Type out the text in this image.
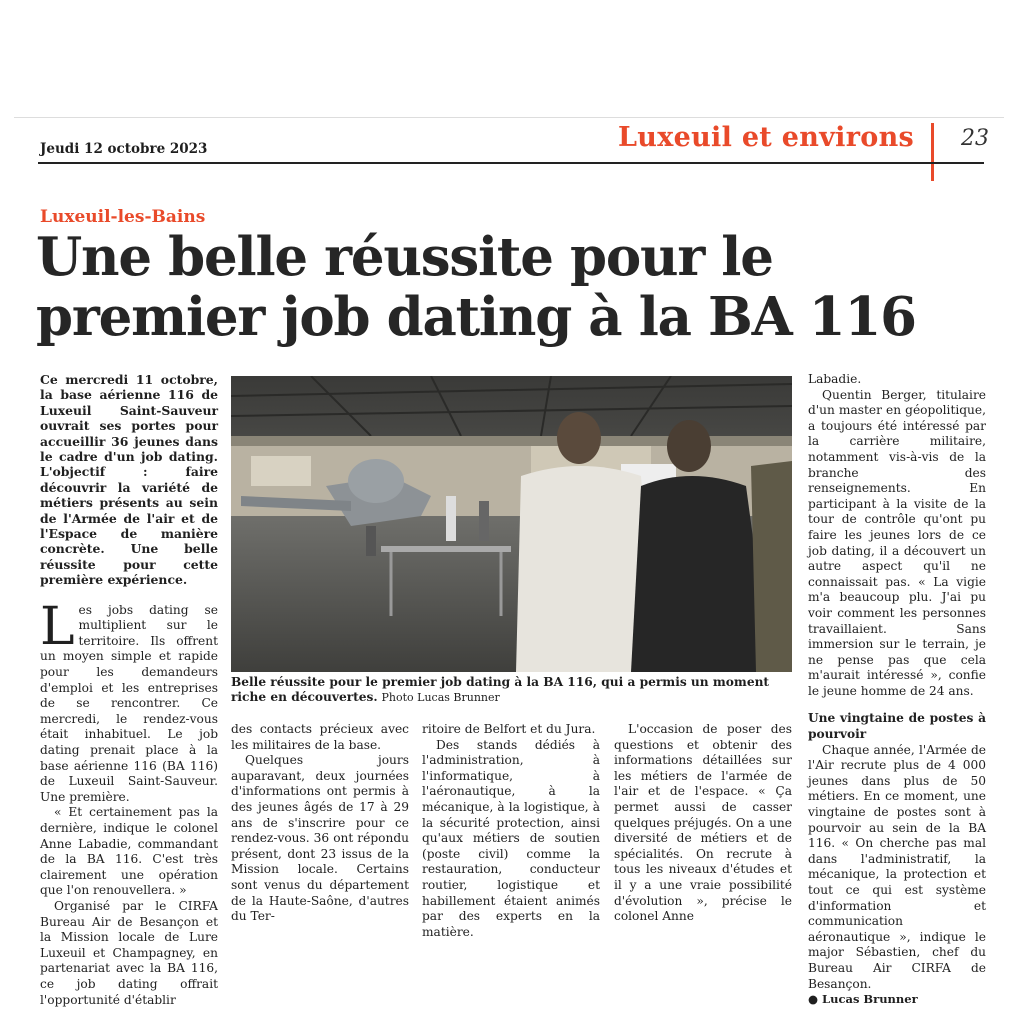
Jeudi 12 octobre 2023	Luxeuil et environs 23
Luxeuil-les-Bains
Une belle réussite pour le premier job dating à la BA 116

Ce mercredi 11 octobre, la base aérienne 116 de Luxeuil Saint-Sauveur ouvrait ses portes pour accueillir 36 jeunes dans le cadre d'un job dating. L'objectif : faire découvrir la variété de métiers présents au sein de l'Armée de l'air et de l'Espace de manière concrète. Une belle réussite pour cette première expérience.

Les jobs dating se multiplient sur le territoire. Ils offrent un moyen simple et rapide pour les demandeurs d'emploi et les entreprises de se rencontrer. Ce mercredi, le rendez-vous était inhabituel. Le job dating prenait place à la base aérienne 116 (BA 116) de Luxeuil Saint-Sauveur. Une première.

« Et certainement pas la dernière, indique le colonel Anne Labadie, commandant de la BA 116. C'est très clairement une opération que l'on renouvellera. »

Organisé par le CIRFA Bureau Air de Besançon et la Mission locale de Lure Luxeuil et Champagney, en partenariat avec la BA 116, ce job dating offrait l'opportunité d'établir

Belle réussite pour le premier job dating à la BA 116, qui a permis un moment riche en découvertes. Photo Lucas Brunner

des contacts précieux avec les militaires de la base.

Quelques jours auparavant, deux journées d'informations ont permis à des jeunes âgés de 17 à 29 ans de s'inscrire pour ce rendez-vous. 36 ont répondu présent, dont 23 issus de la Mission locale. Certains sont venus du département de la Haute-Saône, d'autres du Ter-

ritoire de Belfort et du Jura.

Des stands dédiés à l'administration, à l'informatique, à l'aéronautique, à la mécanique, à la logistique, à la sécurité protection, ainsi qu'aux métiers de soutien (poste civil) comme la restauration, conducteur routier, logistique et habillement étaient animés par des experts en la matière.

L'occasion de poser des questions et obtenir des informations détaillées sur les métiers de l'armée de l'air et de l'espace. « Ça permet aussi de casser quelques préjugés. On a une diversité de métiers et de spécialités. On recrute à tous les niveaux d'études et il y a une vraie possibilité d'évolution », précise le colonel Anne

Labadie.

Quentin Berger, titulaire d'un master en géopolitique, a toujours été intéressé par la carrière militaire, notamment vis-à-vis de la branche des renseignements. En participant à la visite de la tour de contrôle qu'ont pu faire les jeunes lors de ce job dating, il a découvert un autre aspect qu'il ne connaissait pas. « La vigie m'a beaucoup plu. J'ai pu voir comment les personnes travaillaient. Sans immersion sur le terrain, je ne pense pas que cela m'aurait intéressé », confie le jeune homme de 24 ans.

Une vingtaine de postes à pourvoir

Chaque année, l'Armée de l'Air recrute plus de 4 000 jeunes dans plus de 50 métiers. En ce moment, une vingtaine de postes sont à pourvoir au sein de la BA 116. « On cherche pas mal dans l'administratif, la mécanique, la protection et tout ce qui est système d'information et communication aéronautique », indique le major Sébastien, chef du Bureau Air CIRFA de Besançon.

● Lucas Brunner
